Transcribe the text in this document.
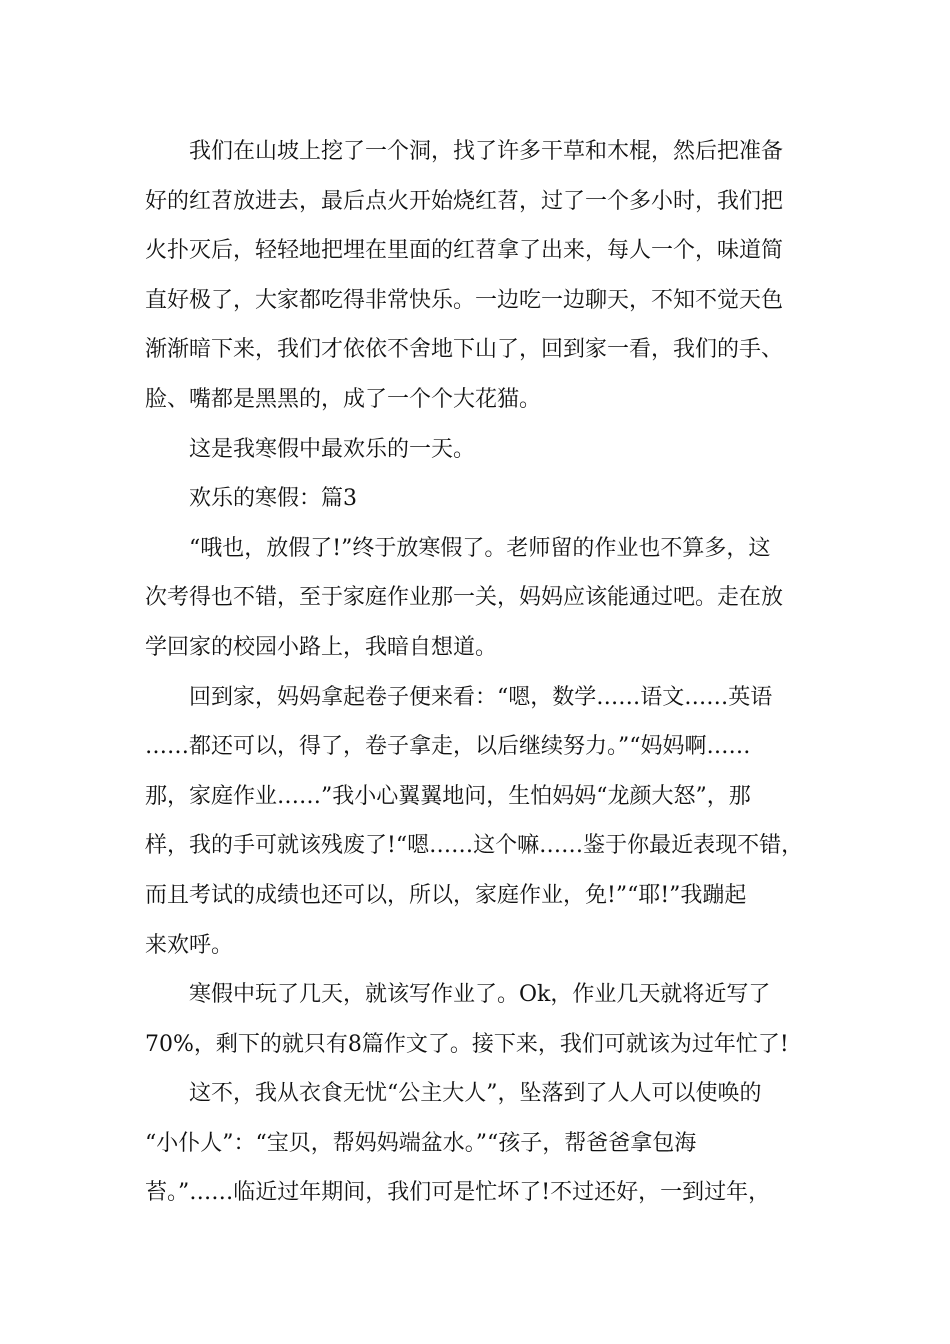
我们在山坡上挖了一个洞，找了许多干草和木棍，然后把准备
好的红苕放进去，最后点火开始烧红苕，过了一个多小时，我们把
火扑灭后，轻轻地把埋在里面的红苕拿了出来，每人一个，味道简
直好极了，大家都吃得非常快乐。一边吃一边聊天，不知不觉天色
渐渐暗下来，我们才依依不舍地下山了，回到家一看，我们的手、
脸、嘴都是黑黑的，成了一个个大花猫。
这是我寒假中最欢乐的一天。
欢乐的寒假：篇3
“哦也，放假了!”终于放寒假了。老师留的作业也不算多，这
次考得也不错，至于家庭作业那一关，妈妈应该能通过吧。走在放
学回家的校园小路上，我暗自想道。
回到家，妈妈拿起卷子便来看：“嗯，数学……语文……英语
……都还可以，得了，卷子拿走，以后继续努力。”“妈妈啊……
那，家庭作业……”我小心翼翼地问，生怕妈妈“龙颜大怒”，那
样，我的手可就该残废了!“嗯……这个嘛……鉴于你最近表现不错，
而且考试的成绩也还可以，所以，家庭作业，免!”“耶!”我蹦起
来欢呼。
寒假中玩了几天，就该写作业了。Ok，作业几天就将近写了
70%，剩下的就只有8篇作文了。接下来，我们可就该为过年忙了!
这不，我从衣食无忧“公主大人”，坠落到了人人可以使唤的
“小仆人”：“宝贝，帮妈妈端盆水。”“孩子，帮爸爸拿包海
苔。”……临近过年期间，我们可是忙坏了!不过还好，一到过年，
